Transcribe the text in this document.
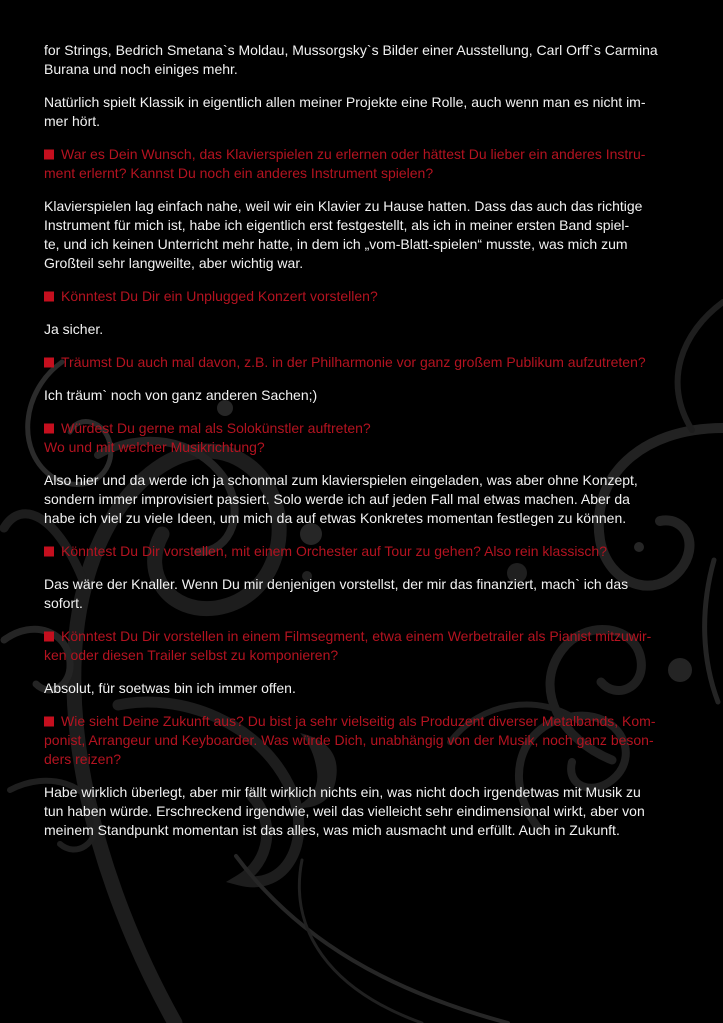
for Strings, Bedrich Smetana`s Moldau, Mussorgsky`s Bilder einer Ausstellung, Carl Orff`s Carmina
Burana und noch einiges mehr.
Natürlich spielt Klassik in eigentlich allen meiner Projekte eine Rolle, auch wenn man es nicht im-
mer hört.
War es Dein Wunsch, das Klavierspielen zu erlernen oder hättest Du lieber ein anderes Instru-
ment erlernt? Kannst Du noch ein anderes Instrument spielen?
Klavierspielen lag einfach nahe, weil wir ein Klavier zu Hause hatten. Dass das auch das richtige
Instrument für mich ist, habe ich eigentlich erst festgestellt, als ich in meiner ersten Band spiel-
te, und ich keinen Unterricht mehr hatte, in dem ich „vom-Blatt-spielen“ musste, was mich zum
Großteil sehr langweilte, aber wichtig war.
Könntest Du Dir ein Unplugged Konzert vorstellen?
Ja sicher.
Träumst Du auch mal davon, z.B. in der Philharmonie vor ganz großem Publikum aufzutreten?
Ich träum` noch von ganz anderen Sachen;)
Würdest Du gerne mal als Solokünstler auftreten?
Wo und mit welcher Musikrichtung?
Also hier und da werde ich ja schonmal zum klavierspielen eingeladen, was aber ohne Konzept,
sondern immer improvisiert passiert. Solo werde ich auf jeden Fall mal etwas machen. Aber da
habe ich viel zu viele Ideen, um mich da auf etwas Konkretes momentan festlegen zu können.
Könntest Du Dir vorstellen, mit einem Orchester auf Tour zu gehen? Also rein klassisch?
Das wäre der Knaller. Wenn Du mir denjenigen vorstellst, der mir das finanziert, mach` ich das
sofort.
Könntest Du Dir vorstellen in einem Filmsegment, etwa einem Werbetrailer als Pianist mitzuwir-
ken oder diesen Trailer selbst zu komponieren?
Absolut, für soetwas bin ich immer offen.
Wie sieht Deine Zukunft aus? Du bist ja sehr vielseitig als Produzent diverser Metalbands, Kom-
ponist, Arrangeur und Keyboarder. Was würde Dich, unabhängig von der Musik, noch ganz beson-
ders reizen?
Habe wirklich überlegt, aber mir fällt wirklich nichts ein, was nicht doch irgendetwas mit Musik zu
tun haben würde. Erschreckend irgendwie, weil das vielleicht sehr eindimensional wirkt, aber von
meinem Standpunkt momentan ist das alles, was mich ausmacht und erfüllt. Auch in Zukunft.
